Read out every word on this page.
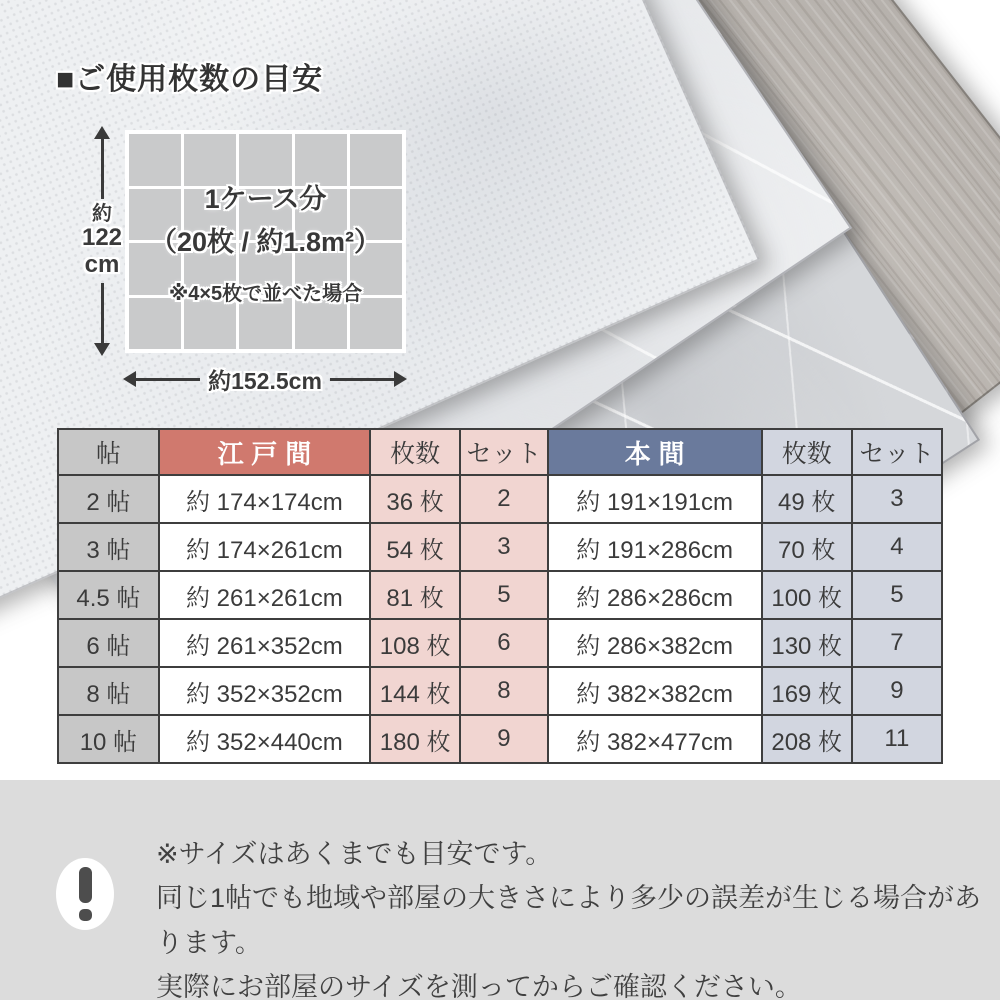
■ご使用枚数の目安
約
122
cm
1ケース分
（20枚 / 約1.8m²）
※4×5枚で並べた場合
約152.5cm
帖	江戸間	枚数	セット	本間	枚数	セット
2 帖	約 174×174cm	36 枚	2	約 191×191cm	49 枚	3
3 帖	約 174×261cm	54 枚	3	約 191×286cm	70 枚	4
4.5 帖	約 261×261cm	81 枚	5	約 286×286cm	100 枚	5
6 帖	約 261×352cm	108 枚	6	約 286×382cm	130 枚	7
8 帖	約 352×352cm	144 枚	8	約 382×382cm	169 枚	9
10 帖	約 352×440cm	180 枚	9	約 382×477cm	208 枚	11
※サイズはあくまでも目安です。
同じ1帖でも地域や部屋の大きさにより多少の誤差が生じる場合があります。
実際にお部屋のサイズを測ってからご確認ください。
